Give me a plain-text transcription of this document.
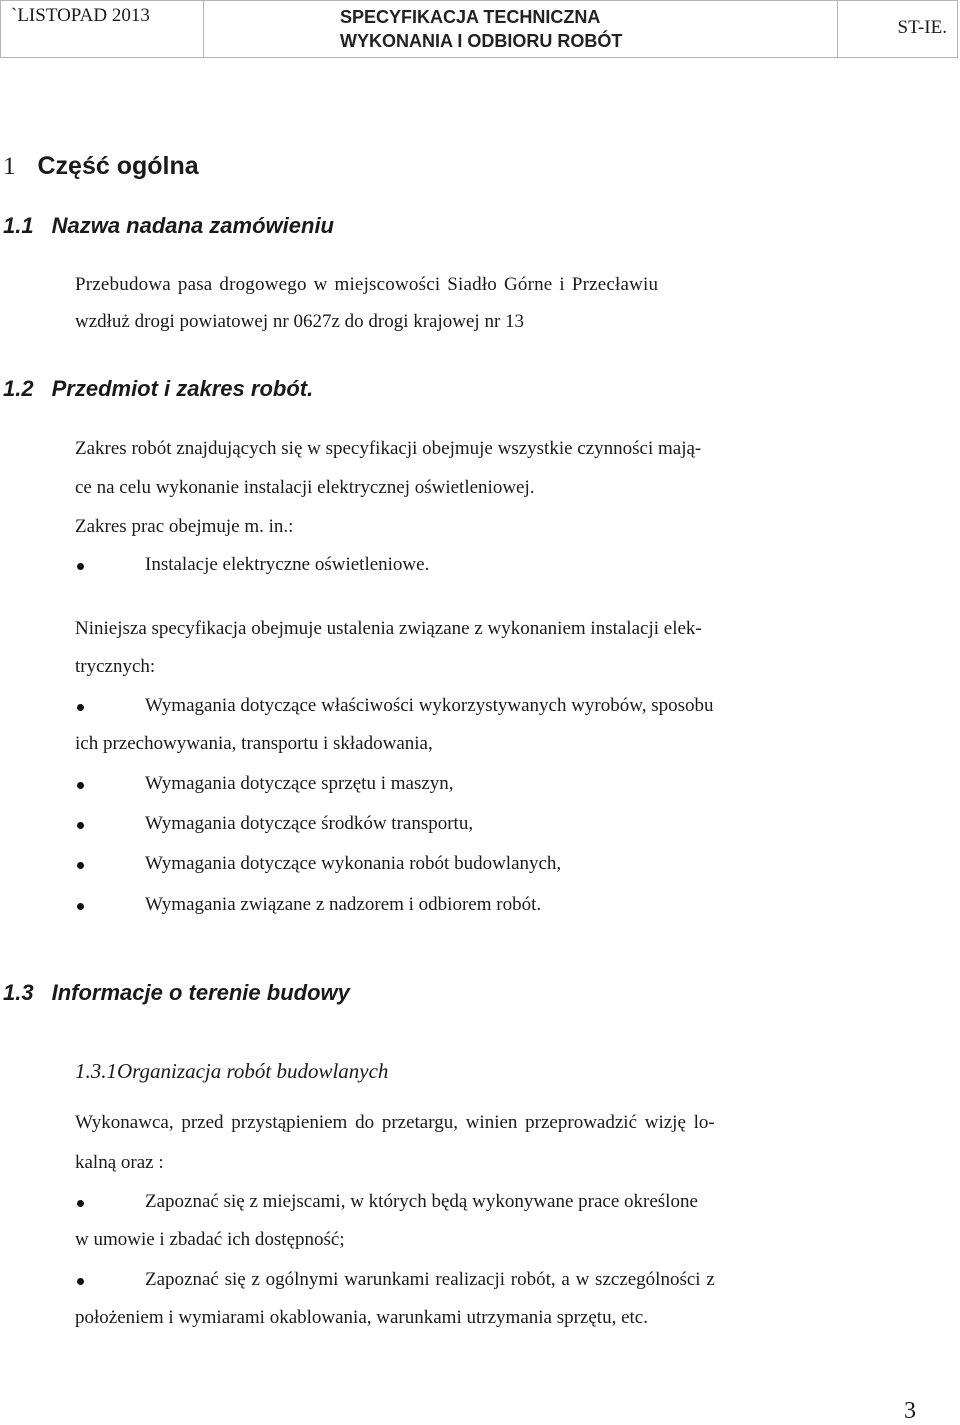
`LISTOPAD 2013	SPECYFIKACJA TECHNICZNA
WYKONANIA I ODBIORU ROBÓT
ST-IE.
1 Część ogólna
1.1 Nazwa nadana zamówieniu
Przebudowa pasa drogowego w miejscowości Siadło Górne i Przecławiu
wzdłuż drogi powiatowej nr 0627z do drogi krajowej nr 13
1.2 Przedmiot i zakres robót.
Zakres robót znajdujących się w specyfikacji obejmuje wszystkie czynności mają-
ce na celu wykonanie instalacji elektrycznej oświetleniowej.
Zakres prac obejmuje m. in.:
Instalacje elektryczne oświetleniowe.
Niniejsza specyfikacja obejmuje ustalenia związane z wykonaniem instalacji elek-
trycznych:
Wymagania dotyczące właściwości wykorzystywanych wyrobów, sposobu
ich przechowywania, transportu i składowania,
Wymagania dotyczące sprzętu i maszyn,
Wymagania dotyczące środków transportu,
Wymagania dotyczące wykonania robót budowlanych,
Wymagania związane z nadzorem i odbiorem robót.
1.3 Informacje o terenie budowy
1.3.1Organizacja robót budowlanych
Wykonawca, przed przystąpieniem do przetargu, winien przeprowadzić wizję lo-
kalną oraz :
Zapoznać się z miejscami, w których będą wykonywane prace określone
w umowie i zbadać ich dostępność;
Zapoznać się z ogólnymi warunkami realizacji robót, a w szczególności z
położeniem i wymiarami okablowania, warunkami utrzymania sprzętu, etc.
3
